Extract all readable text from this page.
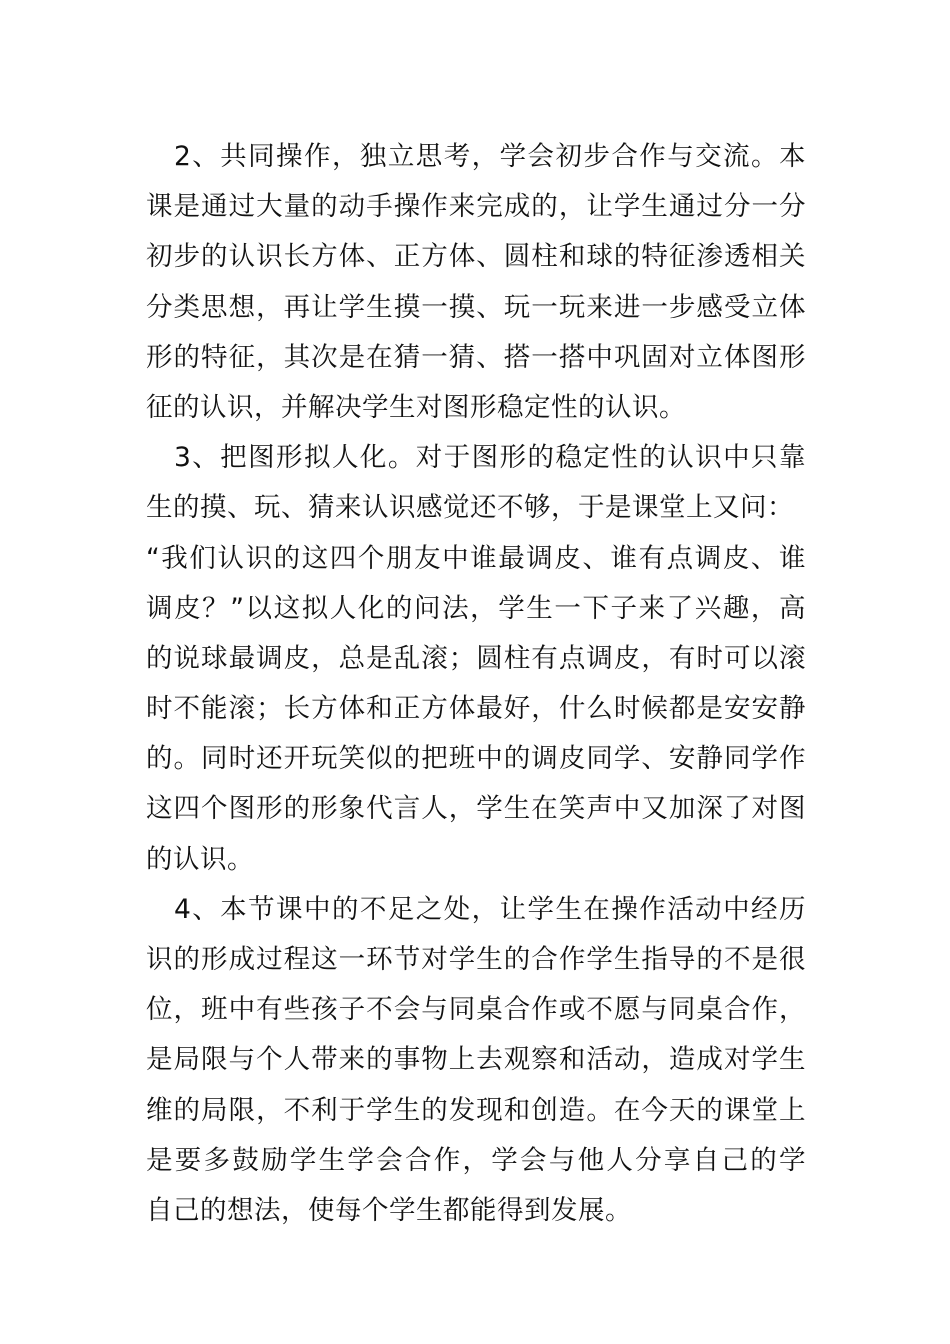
　2、共同操作，独立思考，学会初步合作与交流。本
课是通过大量的动手操作来完成的，让学生通过分一分
初步的认识长方体、正方体、圆柱和球的特征渗透相关
分类思想，再让学生摸一摸、玩一玩来进一步感受立体
形的特征，其次是在猜一猜、搭一搭中巩固对立体图形
征的认识，并解决学生对图形稳定性的认识。
　3、把图形拟人化。对于图形的稳定性的认识中只靠
生的摸、玩、猜来认识感觉还不够，于是课堂上又问：
“我们认识的这四个朋友中谁最调皮、谁有点调皮、谁
调皮？”以这拟人化的问法，学生一下子来了兴趣，高
的说球最调皮，总是乱滚；圆柱有点调皮，有时可以滚
时不能滚；长方体和正方体最好，什么时候都是安安静
的。同时还开玩笑似的把班中的调皮同学、安静同学作
这四个图形的形象代言人，学生在笑声中又加深了对图
的认识。
　4、本节课中的不足之处，让学生在操作活动中经历
识的形成过程这一环节对学生的合作学生指导的不是很
位，班中有些孩子不会与同桌合作或不愿与同桌合作，
是局限与个人带来的事物上去观察和活动，造成对学生
维的局限，不利于学生的发现和创造。在今天的课堂上
是要多鼓励学生学会合作，学会与他人分享自己的学
自己的想法，使每个学生都能得到发展。
